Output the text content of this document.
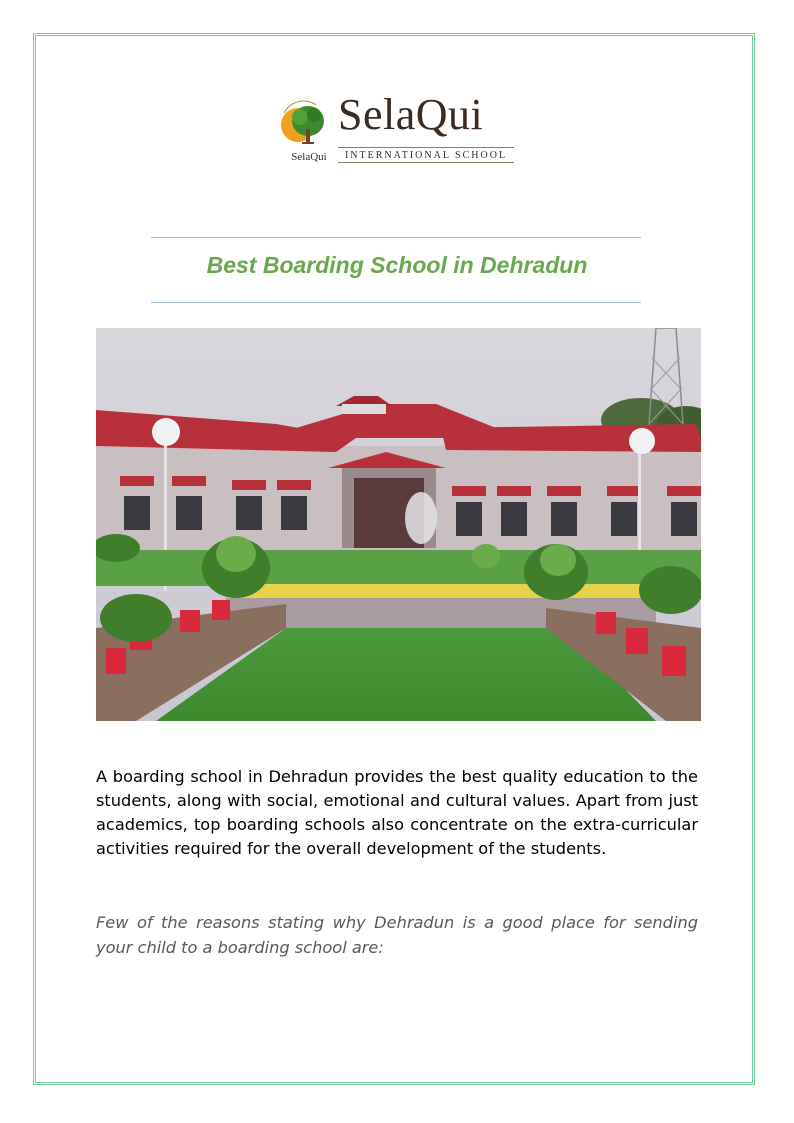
SelaQui
SelaQui
INTERNATIONAL SCHOOL
Best Boarding School in Dehradun

A boarding school in Dehradun provides the best quality education to the students, along with social, emotional and cultural values. Apart from just academics, top boarding schools also concentrate on the extra-curricular activities required for the overall development of the students.

Few of the reasons stating why Dehradun is a good place for sending your child to a boarding school are:
